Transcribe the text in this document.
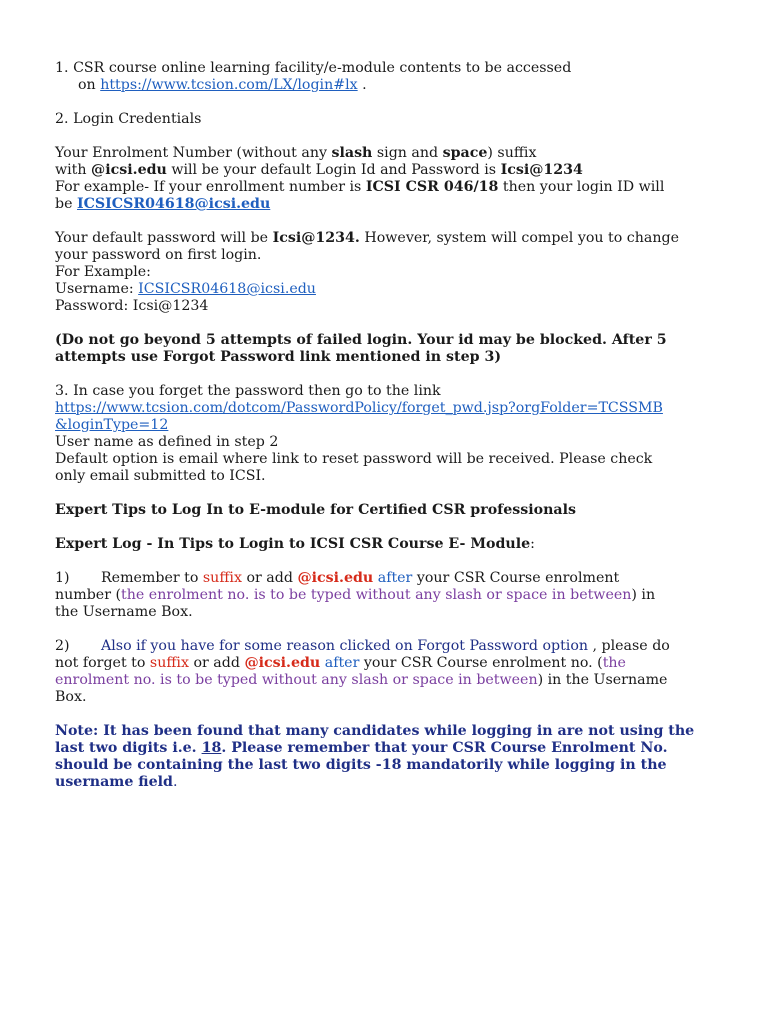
1. CSR course online learning facility/e-module contents to be accessed
on https://www.tcsion.com/LX/login#lx .
2. Login Credentials
Your Enrolment Number (without any slash sign and space) suffix
with @icsi.edu will be your default Login Id and Password is Icsi@1234
For example- If your enrollment number is ICSI CSR 046/18 then your login ID will
be ICSICSR04618@icsi.edu
Your default password will be Icsi@1234. However, system will compel you to change
your password on first login.
For Example:
Username: ICSICSR04618@icsi.edu
Password: Icsi@1234
(Do not go beyond 5 attempts of failed login. Your id may be blocked. After 5
attempts use Forgot Password link mentioned in step 3)
3. In case you forget the password then go to the link
https://www.tcsion.com/dotcom/PasswordPolicy/forget_pwd.jsp?orgFolder=TCSSMB
&loginType=12
User name as defined in step 2
Default option is email where link to reset password will be received. Please check
only email submitted to ICSI.
Expert Tips to Log In to E-module for Certified CSR professionals
Expert Log - In Tips to Login to ICSI CSR Course E- Module:
1) Remember to suffix or add @icsi.edu after your CSR Course enrolment
number (the enrolment no. is to be typed without any slash or space in between) in
the Username Box.
2) Also if you have for some reason clicked on Forgot Password option , please do
not forget to suffix or add @icsi.edu after your CSR Course enrolment no. (the
enrolment no. is to be typed without any slash or space in between) in the Username
Box.
Note: It has been found that many candidates while logging in are not using the
last two digits i.e. 18. Please remember that your CSR Course Enrolment No.
should be containing the last two digits -18 mandatorily while logging in the
username field.
